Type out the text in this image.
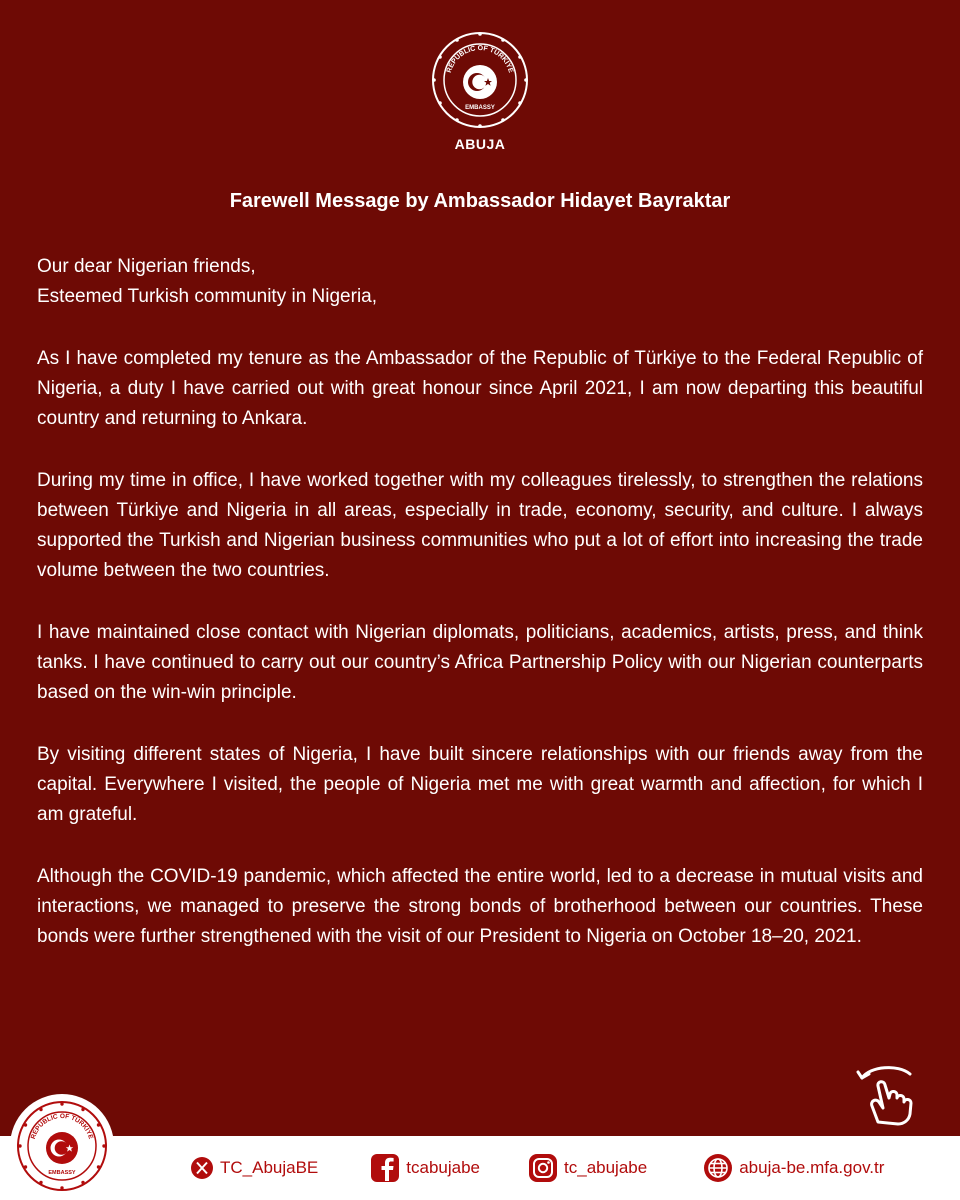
REPUBLIC OF TÜRKİYE
EMBASSY
ABUJA
Farewell Message by Ambassador Hidayet Bayraktar

Our dear Nigerian friends,
Esteemed Turkish community in Nigeria,

As I have completed my tenure as the Ambassador of the Republic of Türkiye to the Federal Republic of Nigeria, a duty I have carried out with great honour since April 2021, I am now departing this beautiful country and returning to Ankara.

During my time in office, I have worked together with my colleagues tirelessly, to strengthen the relations between Türkiye and Nigeria in all areas, especially in trade, economy, security, and culture. I always supported the Turkish and Nigerian business communities who put a lot of effort into increasing the trade volume between the two countries.

I have maintained close contact with Nigerian diplomats, politicians, academics, artists, press, and think tanks. I have continued to carry out our country’s Africa Partnership Policy with our Nigerian counterparts based on the win-win principle.

By visiting different states of Nigeria, I have built sincere relationships with our friends away from the capital. Everywhere I visited, the people of Nigeria met me with great warmth and affection, for which I am grateful.

Although the COVID-19 pandemic, which affected the entire world, led to a decrease in mutual visits and interactions, we managed to preserve the strong bonds of brotherhood between our countries. These bonds were further strengthened with the visit of our President to Nigeria on October 18–20, 2021.

TC_AbujaBE	tcabujabe	tc_abujabe	abuja-be.mfa.gov.tr
REPUBLIC OF TÜRKİYE
EMBASSY
